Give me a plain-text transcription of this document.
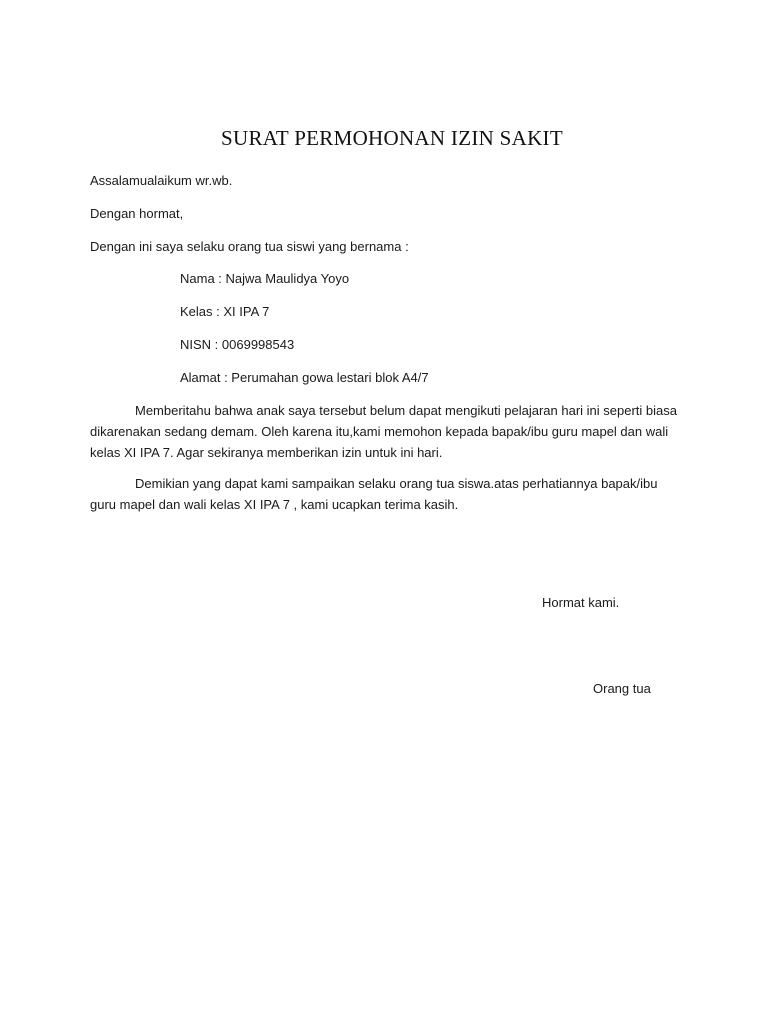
SURAT PERMOHONAN IZIN SAKIT
Assalamualaikum wr.wb.
Dengan hormat,
Dengan ini saya selaku orang tua siswi yang bernama :
Nama : Najwa Maulidya Yoyo
Kelas : XI IPA 7
NISN : 0069998543
Alamat : Perumahan gowa lestari blok A4/7
Memberitahu bahwa anak saya tersebut belum dapat mengikuti pelajaran hari ini seperti biasa dikarenakan sedang demam. Oleh karena itu,kami memohon kepada bapak/ibu guru mapel dan wali kelas XI IPA 7. Agar sekiranya memberikan izin untuk ini hari.
Demikian yang dapat kami sampaikan selaku orang tua siswa.atas perhatiannya bapak/ibu guru mapel dan wali kelas XI IPA 7 , kami ucapkan terima kasih.
Hormat kami.
Orang tua
